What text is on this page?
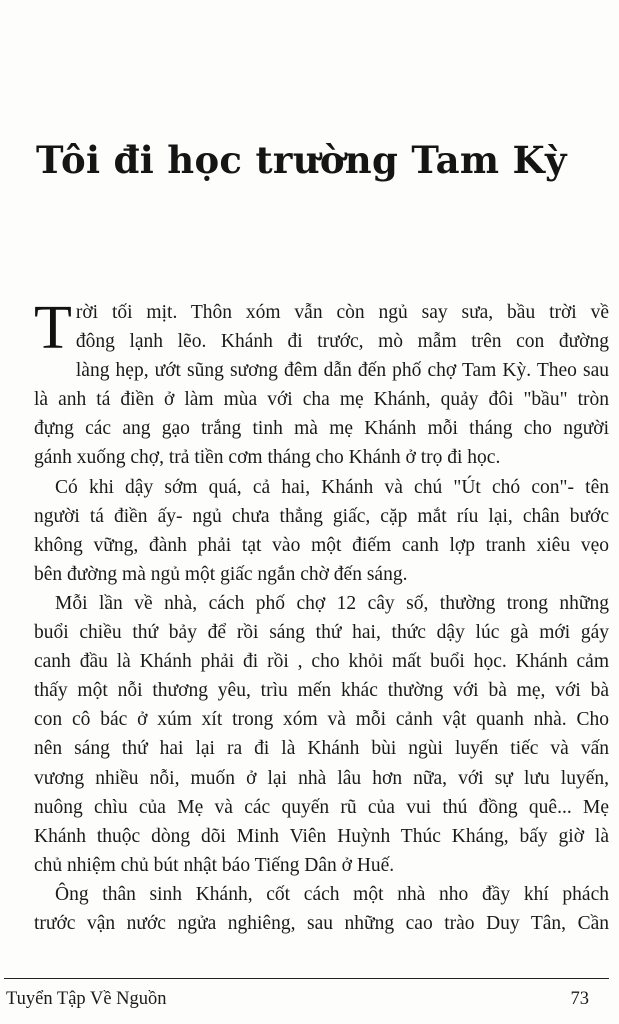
Tôi đi học trường Tam Kỳ
T rời tối mịt. Thôn xóm vẫn còn ngủ say sưa, bầu trời về
đông lạnh lẽo. Khánh đi trước, mò mẫm trên con đường
làng hẹp, ướt sũng sương đêm dẫn đến phố chợ Tam Kỳ. Theo sau
là anh tá điền ở làm mùa với cha mẹ Khánh, quảy đôi "bầu" tròn
đựng các ang gạo trắng tinh mà mẹ Khánh mỗi tháng cho người
gánh xuống chợ, trả tiền cơm tháng cho Khánh ở trọ đi học.
Có khi dậy sớm quá, cả hai, Khánh và chú "Út chó con"- tên
người tá điền ấy- ngủ chưa thẳng giấc, cặp mắt ríu lại, chân bước
không vững, đành phải tạt vào một điếm canh lợp tranh xiêu vẹo
bên đường mà ngủ một giấc ngắn chờ đến sáng.
Mỗi lần về nhà, cách phố chợ 12 cây số, thường trong những
buổi chiều thứ bảy để rồi sáng thứ hai, thức dậy lúc gà mới gáy
canh đầu là Khánh phải đi rồi , cho khỏi mất buổi học. Khánh cảm
thấy một nỗi thương yêu, trìu mến khác thường với bà mẹ, với bà
con cô bác ở xúm xít trong xóm và mỗi cảnh vật quanh nhà. Cho
nên sáng thứ hai lại ra đi là Khánh bùi ngùi luyến tiếc và vấn
vương nhiều nỗi, muốn ở lại nhà lâu hơn nữa, với sự lưu luyến,
nuông chìu của Mẹ và các quyến rũ của vui thú đồng quê... Mẹ
Khánh thuộc dòng dõi Minh Viên Huỳnh Thúc Kháng, bấy giờ là
chủ nhiệm chủ bút nhật báo Tiếng Dân ở Huế.
Ông thân sinh Khánh, cốt cách một nhà nho đầy khí phách
trước vận nước ngửa nghiêng, sau những cao trào Duy Tân, Cần
Tuyển Tập Về Nguồn	73
